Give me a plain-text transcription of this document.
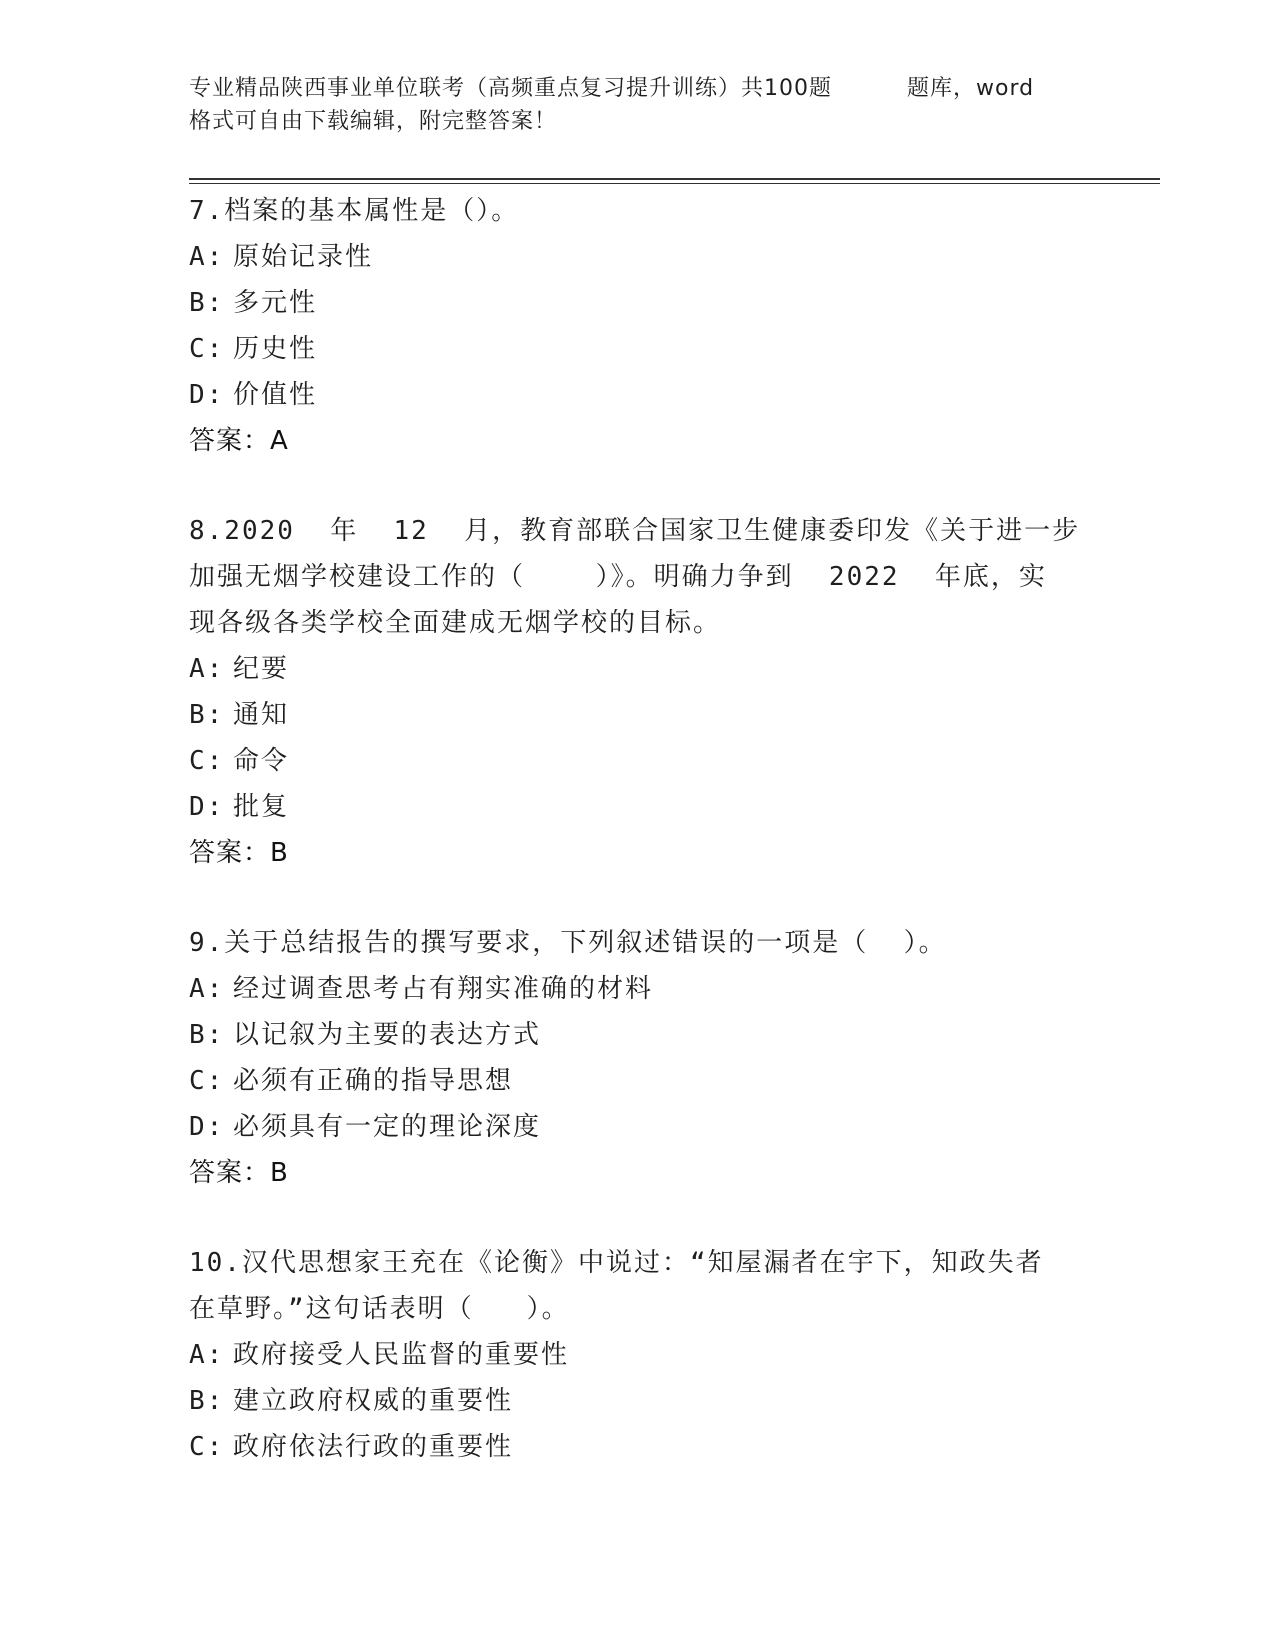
专业精品陕西事业单位联考（高频重点复习提升训练）共100题	题库，word
格式可自由下载编辑，附完整答案！
7.档案的基本属性是（）。
A: 原始记录性
B: 多元性
C: 历史性
D: 价值性
答案：A
8.2020  年  12  月，教育部联合国家卫生健康委印发《关于进一步
加强无烟学校建设工作的（    ）》。明确力争到  2022  年底，实
现各级各类学校全面建成无烟学校的目标。
A: 纪要
B: 通知
C: 命令
D: 批复
答案：B
9.关于总结报告的撰写要求，下列叙述错误的一项是（  ）。
A: 经过调查思考占有翔实准确的材料
B: 以记叙为主要的表达方式
C: 必须有正确的指导思想
D: 必须具有一定的理论深度
答案：B
10.汉代思想家王充在《论衡》中说过：“知屋漏者在宇下，知政失者
在草野。”这句话表明（   ）。
A: 政府接受人民监督的重要性
B: 建立政府权威的重要性
C: 政府依法行政的重要性
